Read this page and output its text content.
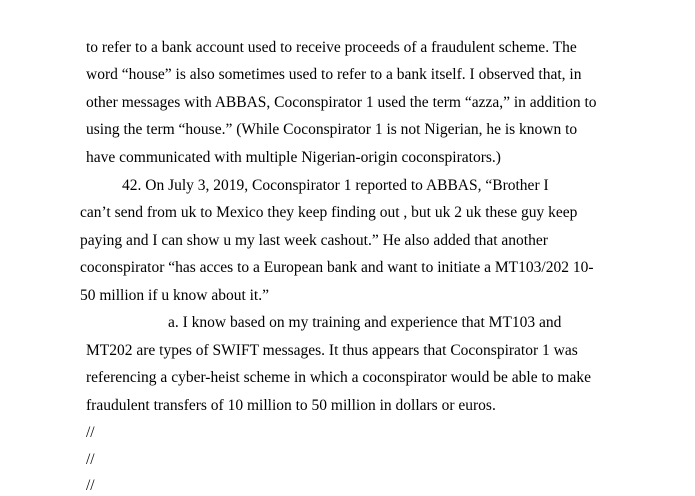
to refer to a bank account used to receive proceeds of a fraudulent scheme. The
word “house” is also sometimes used to refer to a bank itself. I observed that, in
other messages with ABBAS, Coconspirator 1 used the term “azza,” in addition to
using the term “house.” (While Coconspirator 1 is not Nigerian, he is known to
have communicated with multiple Nigerian-origin coconspirators.)
42. On July 3, 2019, Coconspirator 1 reported to ABBAS, “Brother I
can’t send from uk to Mexico they keep finding out , but uk 2 uk these guy keep
paying and I can show u my last week cashout.” He also added that another
coconspirator “has acces to a European bank and want to initiate a MT103/202 10-
50 million if u know about it.”
a. I know based on my training and experience that MT103 and
MT202 are types of SWIFT messages. It thus appears that Coconspirator 1 was
referencing a cyber-heist scheme in which a coconspirator would be able to make
fraudulent transfers of 10 million to 50 million in dollars or euros.
//
//
//
